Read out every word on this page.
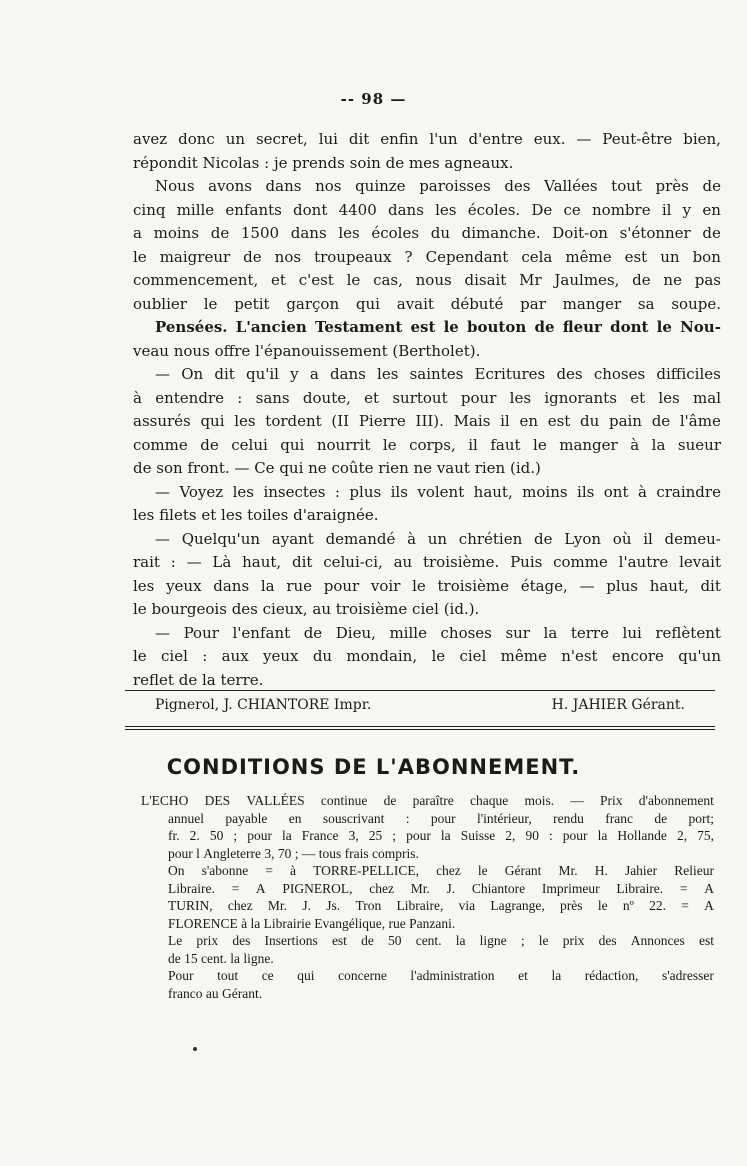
-- 98 —
avez donc un secret, lui dit enfin l'un d'entre eux. — Peut-être bien,
répondit Nicolas : je prends soin de mes agneaux.
Nous avons dans nos quinze paroisses des Vallées tout près de
cinq mille enfants dont 4400 dans les écoles. De ce nombre il y en
a moins de 1500 dans les écoles du dimanche. Doit-on s'étonner de
le maigreur de nos troupeaux ? Cependant cela même est un bon
commencement, et c'est le cas, nous disait Mr Jaulmes, de ne pas
oublier le petit garçon qui avait débuté par manger sa soupe.
Pensées. L'ancien Testament est le bouton de fleur dont le Nou-
veau nous offre l'épanouissement (Bertholet).
— On dit qu'il y a dans les saintes Ecritures des choses difficiles
à entendre : sans doute, et surtout pour les ignorants et les mal
assurés qui les tordent (II Pierre III). Mais il en est du pain de l'âme
comme de celui qui nourrit le corps, il faut le manger à la sueur
de son front. — Ce qui ne coûte rien ne vaut rien (id.)
— Voyez les insectes : plus ils volent haut, moins ils ont à craindre
les filets et les toiles d'araignée.
— Quelqu'un ayant demandé à un chrétien de Lyon où il demeu-
rait : — Là haut, dit celui-ci, au troisième. Puis comme l'autre levait
les yeux dans la rue pour voir le troisième étage, — plus haut, dit
le bourgeois des cieux, au troisième ciel (id.).
— Pour l'enfant de Dieu, mille choses sur la terre lui reflètent
le ciel : aux yeux du mondain, le ciel même n'est encore qu'un
reflet de la terre.
Pignerol, J. CHIANTORE Impr.	H. JAHIER Gérant.
CONDITIONS DE L'ABONNEMENT.
L'ECHO DES VALLÉES continue de paraître chaque mois. — Prix d'abonnement
annuel payable en souscrivant : pour l'intérieur, rendu franc de port;
fr. 2. 50 ; pour la France 3, 25 ; pour la Suisse 2, 90 : pour la Hollande 2, 75,
pour l Angleterre 3, 70 ; — tous frais compris.
On s'abonne = à TORRE-PELLICE, chez le Gérant Mr. H. Jahier Relieur
Libraire. = A PIGNEROL, chez Mr. J. Chiantore Imprimeur Libraire. = A
TURIN, chez Mr. J. Js. Tron Libraire, via Lagrange, près le nº 22. = A
FLORENCE à la Librairie Evangélique, rue Panzani.
Le prix des Insertions est de 50 cent. la ligne ; le prix des Annonces est
de 15 cent. la ligne.
Pour tout ce qui concerne l'administration et la rédaction, s'adresser
franco au Gérant.
